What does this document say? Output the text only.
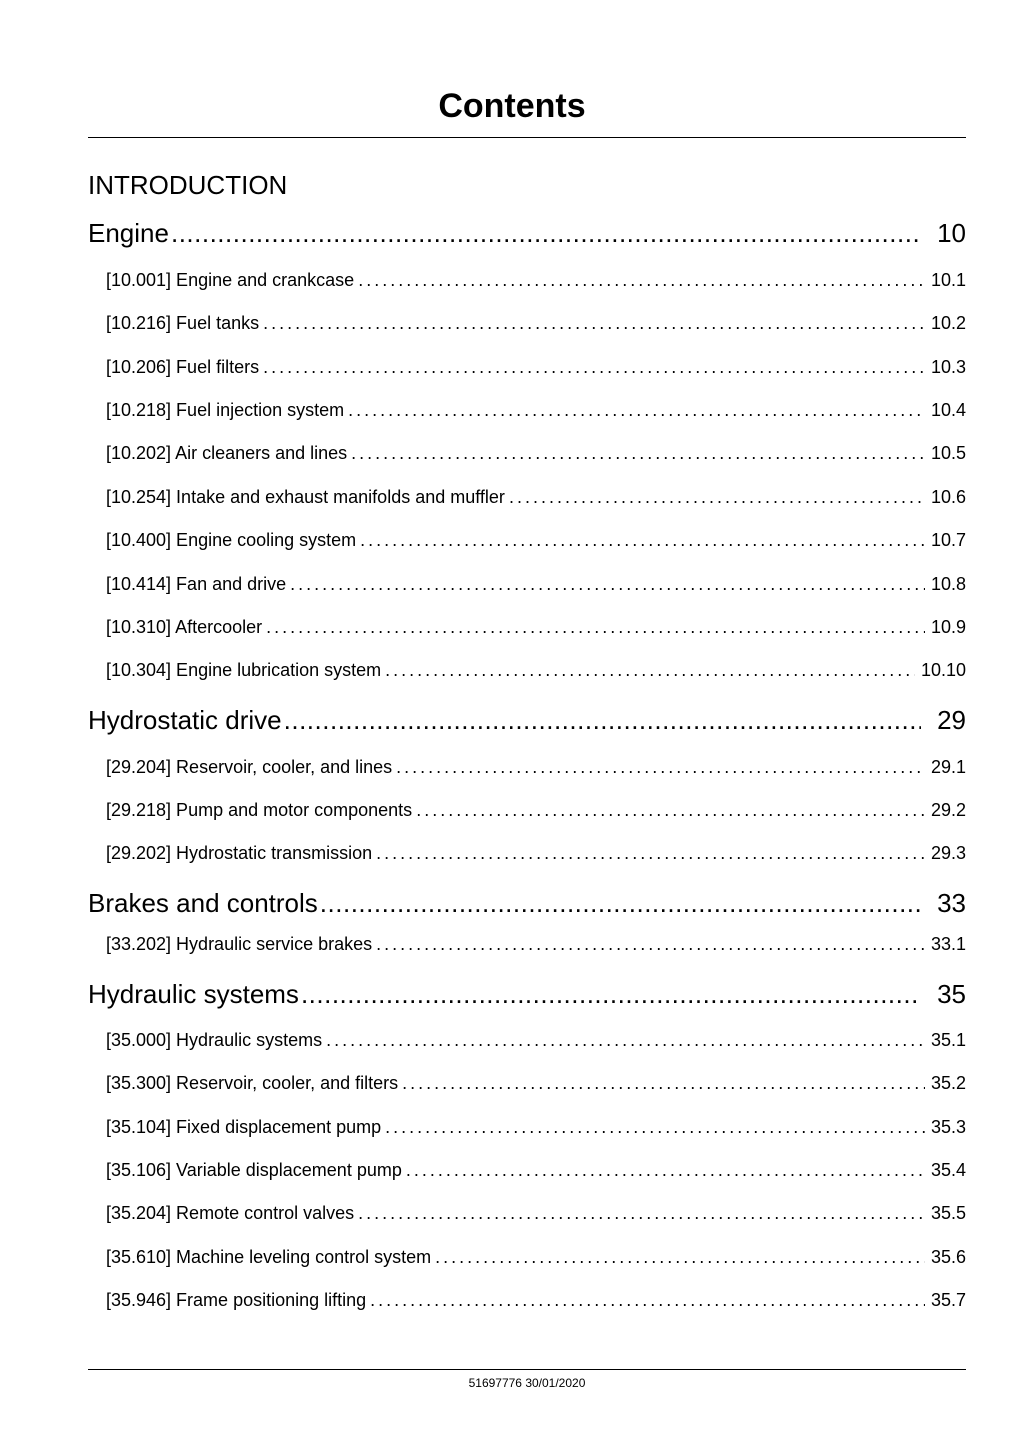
Contents
INTRODUCTION
Engine .....	10
[10.001] Engine and crankcase . . .	10.1
[10.216] Fuel tanks . . .	10.2
[10.206] Fuel filters . . .	10.3
[10.218] Fuel injection system . . .	10.4
[10.202] Air cleaners and lines . . .	10.5
[10.254] Intake and exhaust manifolds and muffler . . .	10.6
[10.400] Engine cooling system . . .	10.7
[10.414] Fan and drive . . .	10.8
[10.310] Aftercooler . . .	10.9
[10.304] Engine lubrication system . . .	10.10
Hydrostatic drive .....	29
[29.204] Reservoir, cooler, and lines . . .	29.1
[29.218] Pump and motor components . . .	29.2
[29.202] Hydrostatic transmission . . .	29.3
Brakes and controls .....	33
[33.202] Hydraulic service brakes . . .	33.1
Hydraulic systems .....	35
[35.000] Hydraulic systems . . .	35.1
[35.300] Reservoir, cooler, and filters . . .	35.2
[35.104] Fixed displacement pump . . .	35.3
[35.106] Variable displacement pump . . .	35.4
[35.204] Remote control valves . . .	35.5
[35.610] Machine leveling control system . . .	35.6
[35.946] Frame positioning lifting . . .	35.7
51697776 30/01/2020
